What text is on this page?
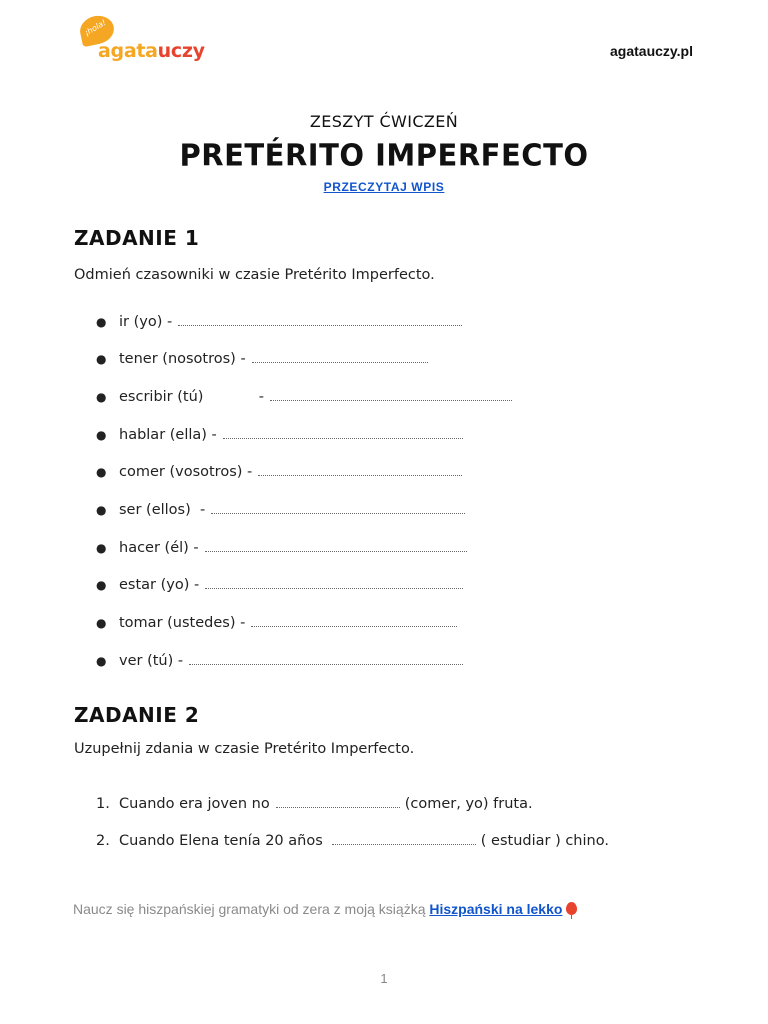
¡hola!
agatauczy	agatauczy.pl
ZESZYT ĆWICZEŃ
PRETÉRITO IMPERFECTO
PRZECZYTAJ WPIS
ZADANIE 1
Odmień czasowniki w czasie Pretérito Imperfecto.
● ir (yo) -
● tener (nosotros) -
● escribir (tú)            -
● hablar (ella) -
● comer (vosotros) -
● ser (ellos)  -
● hacer (él) -
● estar (yo) -
● tomar (ustedes) -
● ver (tú) -
ZADANIE 2
Uzupełnij zdania w czasie Pretérito Imperfecto.
1. Cuando era joven no	(comer, yo) fruta.
2. Cuando Elena tenía 20 años	( estudiar ) chino.
Naucz się hiszpańskiej gramatyki od zera z moją książką Hiszpański na lekko
1
